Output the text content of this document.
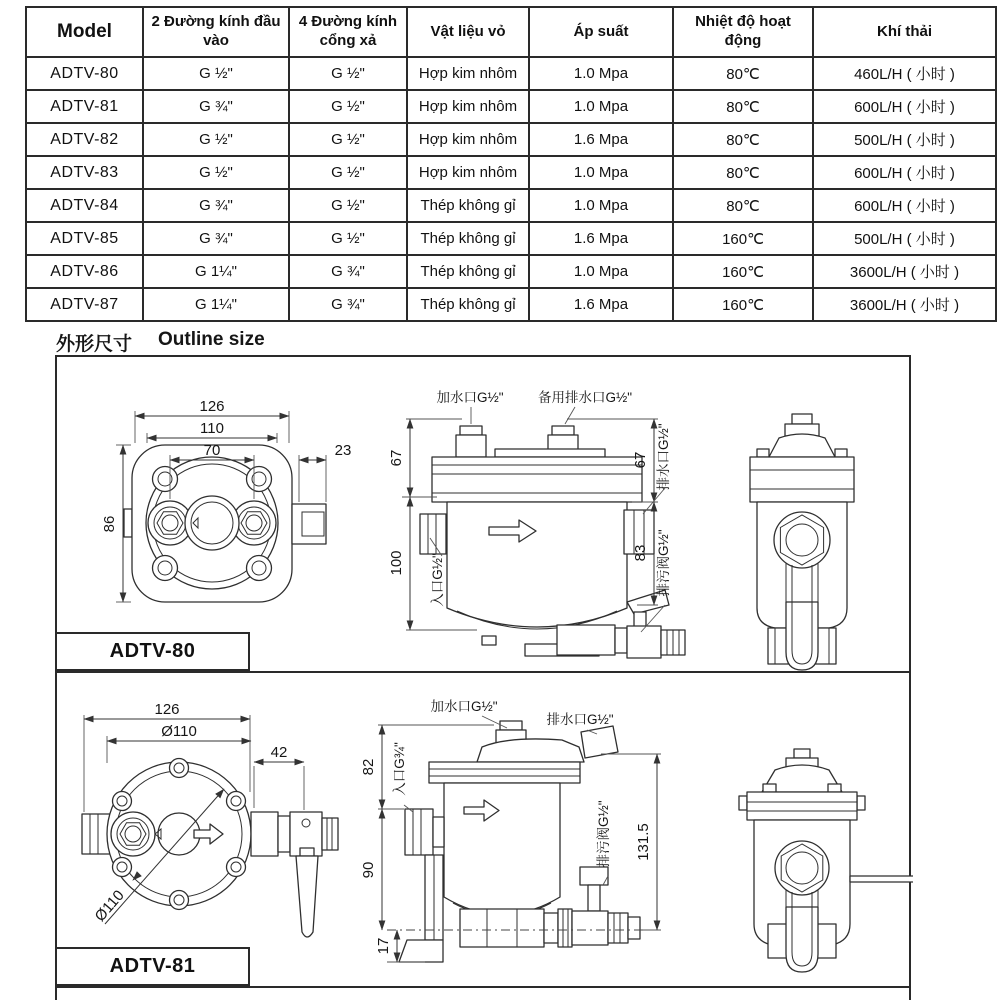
Model	2 Đường kính đầu vào	4 Đường kính cổng xả	Vật liệu vỏ	Áp suất	Nhiệt độ hoạt động	Khí thải
ADTV-80	G ½"	G ½"	Hợp kim nhôm	1.0 Mpa	80℃	460L/H ( 小时 )
ADTV-81	G ¾"	G ½"	Hợp kim nhôm	1.0 Mpa	80℃	600L/H ( 小时 )
ADTV-82	G ½"	G ½"	Hợp kim nhôm	1.6 Mpa	80℃	500L/H ( 小时 )
ADTV-83	G ½"	G ½"	Hợp kim nhôm	1.0 Mpa	80℃	600L/H ( 小时 )
ADTV-84	G ¾"	G ½"	Thép không gỉ	1.0 Mpa	80℃	600L/H ( 小时 )
ADTV-85	G ¾"	G ½"	Thép không gỉ	1.6 Mpa	160℃	500L/H ( 小时 )
ADTV-86	G 1¼"	G ¾"	Thép không gỉ	1.0 Mpa	160℃	3600L/H ( 小时 )
ADTV-87	G 1¼"	G ¾"	Thép không gỉ	1.6 Mpa	160℃	3600L/H ( 小时 )
外形尺寸 Outline size
126
110
70	23
86
加水口G½"	备用排水口G½"
67
100 入口G½"
67
83
排水口G½"
排污阀G½"
126
Ø110
42
Ø110
加水口G½"
排水口G½"
82
90
入口G¾"
17
131.5
排污阀G½"
ADTV-80
ADTV-81
